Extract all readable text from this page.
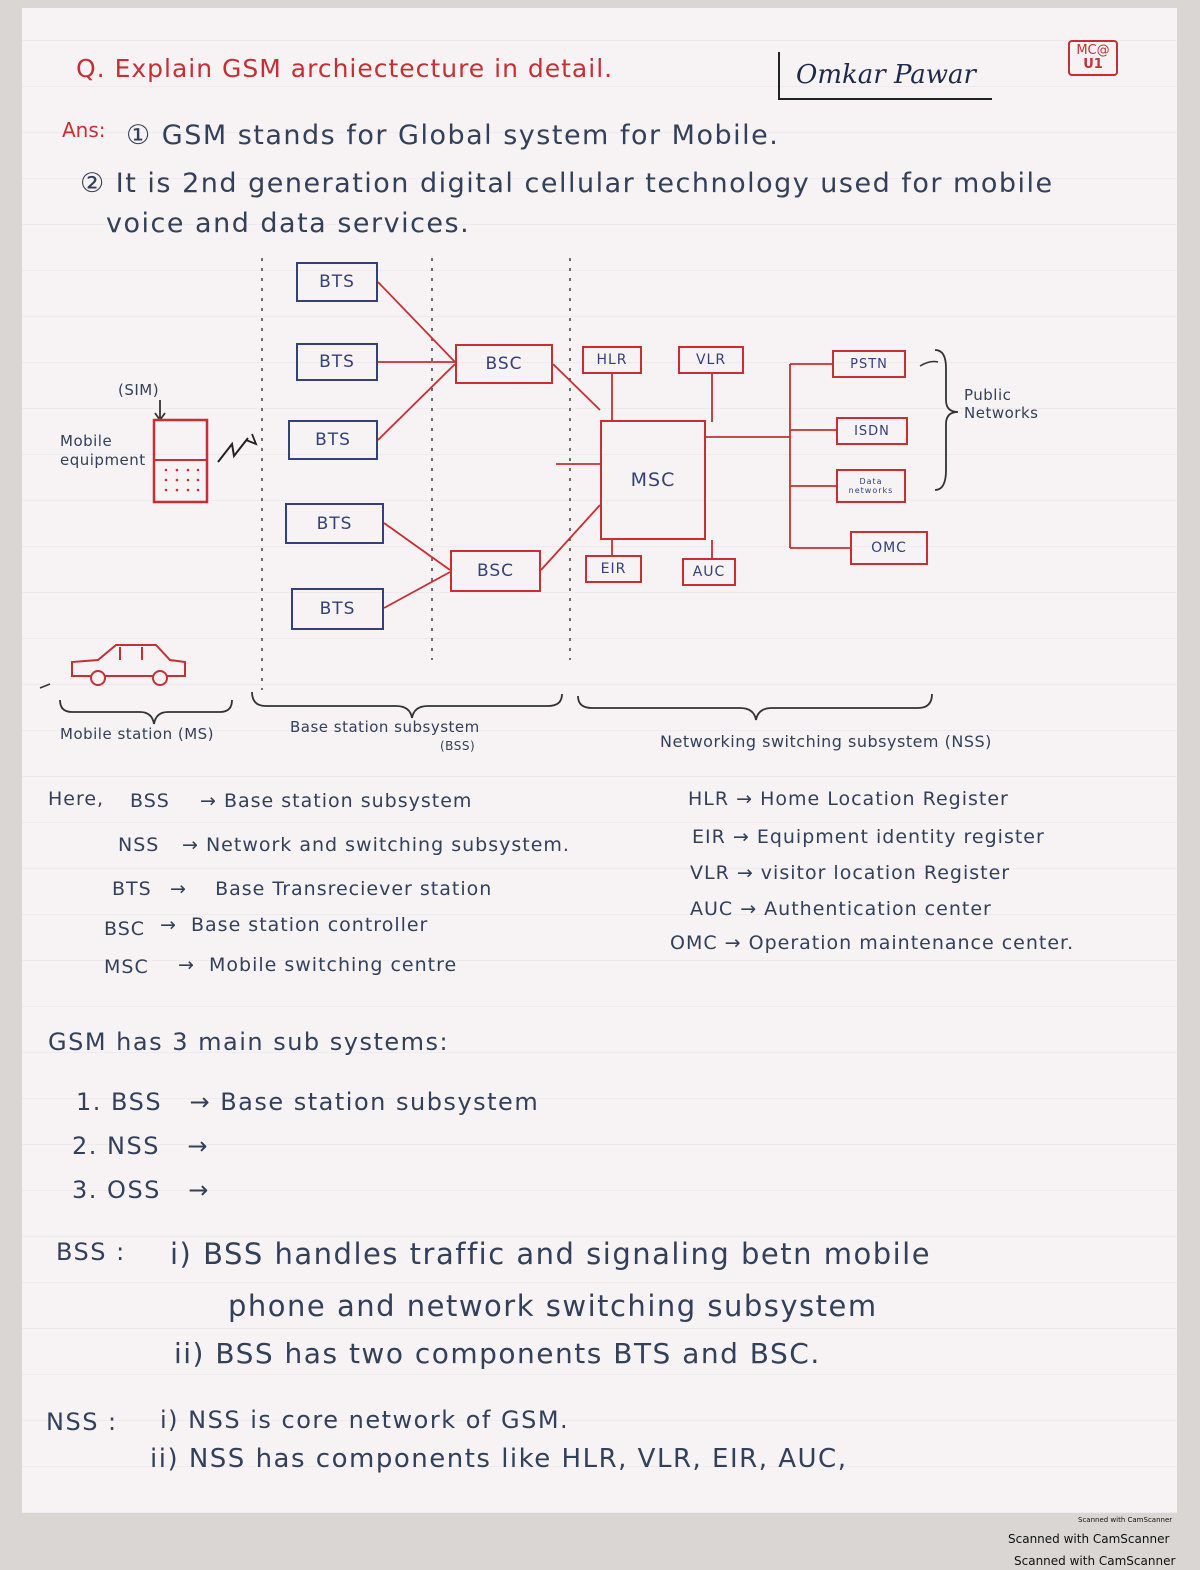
Q. Explain GSM archiectecture in detail.	Omkar Pawar
MC@
U1
Ans: ① GSM stands for Global system for Mobile.
② It is 2nd generation digital cellular technology used for mobile
voice and data services.
BTS
BTS
BTS
BTS
BTS
BSC
BSC
HLR	VLR
MSC
EIR	AUC
PSTN
ISDN
Data networks
OMC
Public Networks
(SIM)
Mobile
equipment
Mobile station (MS)	Base station subsystem
(BSS)	Networking switching subsystem (NSS)
Here, BSS → Base station subsystem
NSS → Network and switching subsystem.
BTS →    Base Transreciever station
BSC →  Base station controller
MSC →  Mobile switching centre
HLR → Home Location Register
EIR → Equipment identity register
VLR → visitor location Register
AUC → Authentication center
OMC → Operation maintenance center.
GSM has 3 main sub systems:
1. BSS → Base station subsystem
2. NSS →
3. OSS →
BSS : i) BSS handles traffic and signaling betn mobile
phone and network switching subsystem
ii) BSS has two components BTS and BSC.
NSS : i) NSS is core network of GSM.
ii) NSS has components like HLR, VLR, EIR, AUC,
Scanned with CamScanner
Scanned with CamScanner
Scanned with CamScanner
